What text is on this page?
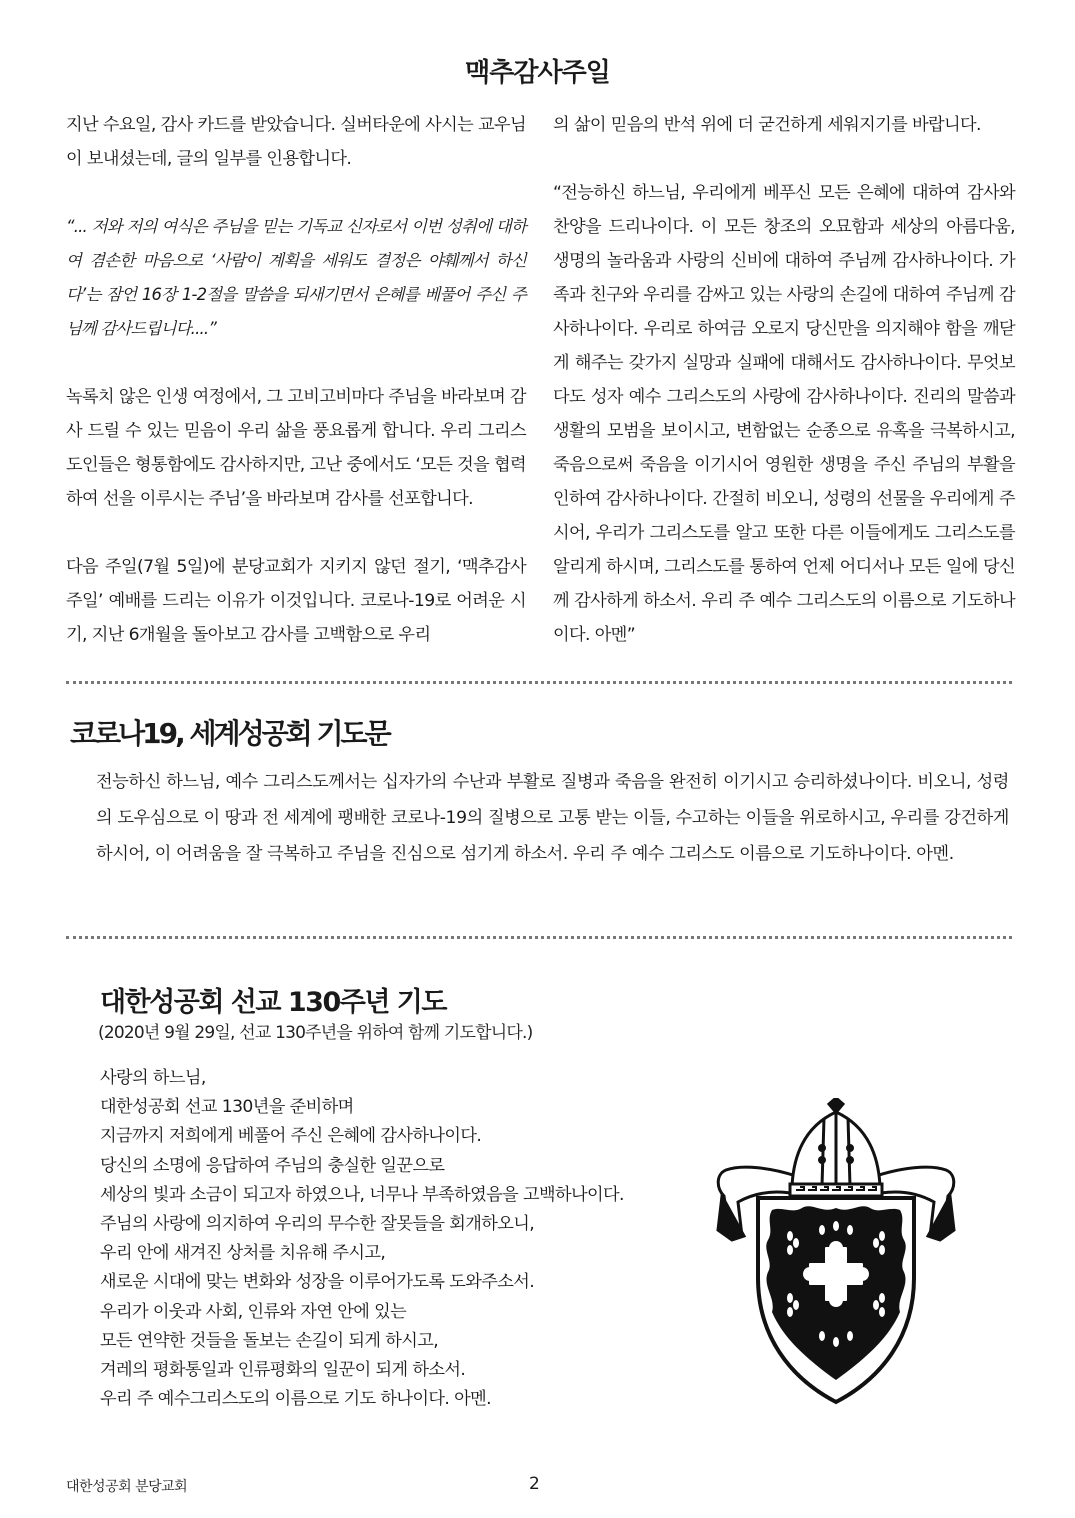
맥추감사주일

지난 수요일, 감사 카드를 받았습니다. 실버타운에 사시는 교우님이 보내셨는데, 글의 일부를 인용합니다.

“... 저와 저의 여식은 주님을 믿는 기독교 신자로서 이번 성취에 대하여 겸손한 마음으로 ‘사람이 계획을 세워도 결정은 야훼께서 하신다’는 잠언 16장 1-2절을 말씀을 되새기면서 은혜를 베풀어 주신 주님께 감사드립니다....”

녹록치 않은 인생 여정에서, 그 고비고비마다 주님을 바라보며 감사 드릴 수 있는 믿음이 우리 삶을 풍요롭게 합니다. 우리 그리스도인들은 형통함에도 감사하지만, 고난 중에서도 ‘모든 것을 협력하여 선을 이루시는 주님’을 바라보며 감사를 선포합니다.

다음 주일(7월 5일)에 분당교회가 지키지 않던 절기, ‘맥추감사주일’ 예배를 드리는 이유가 이것입니다. 코로나-19로 어려운 시기, 지난 6개월을 돌아보고 감사를 고백함으로 우리

의 삶이 믿음의 반석 위에 더 굳건하게 세워지기를 바랍니다.

“전능하신 하느님, 우리에게 베푸신 모든 은혜에 대하여 감사와 찬양을 드리나이다. 이 모든 창조의 오묘함과 세상의 아름다움, 생명의 놀라움과 사랑의 신비에 대하여 주님께 감사하나이다. 가족과 친구와 우리를 감싸고 있는 사랑의 손길에 대하여 주님께 감사하나이다. 우리로 하여금 오로지 당신만을 의지해야 함을 깨닫게 해주는 갖가지 실망과 실패에 대해서도 감사하나이다. 무엇보다도 성자 예수 그리스도의 사랑에 감사하나이다. 진리의 말씀과 생활의 모범을 보이시고, 변함없는 순종으로 유혹을 극복하시고, 죽음으로써 죽음을 이기시어 영원한 생명을 주신 주님의 부활을 인하여 감사하나이다. 간절히 비오니, 성령의 선물을 우리에게 주시어, 우리가 그리스도를 알고 또한 다른 이들에게도 그리스도를 알리게 하시며, 그리스도를 통하여 언제 어디서나 모든 일에 당신께 감사하게 하소서. 우리 주 예수 그리스도의 이름으로 기도하나이다. 아멘”

코로나19, 세계성공회 기도문
전능하신 하느님, 예수 그리스도께서는 십자가의 수난과 부활로 질병과 죽음을 완전히 이기시고 승리하셨나이다. 비오니, 성령의 도우심으로 이 땅과 전 세계에 팽배한 코로나-19의 질병으로 고통 받는 이들, 수고하는 이들을 위로하시고, 우리를 강건하게 하시어, 이 어려움을 잘 극복하고 주님을 진심으로 섬기게 하소서. 우리 주 예수 그리스도 이름으로 기도하나이다. 아멘.
대한성공회 선교 130주년 기도
(2020년 9월 29일, 선교 130주년을 위하여 함께 기도합니다.)
사랑의 하느님,
대한성공회 선교 130년을 준비하며
지금까지 저희에게 베풀어 주신 은혜에 감사하나이다.
당신의 소명에 응답하여 주님의 충실한 일꾼으로
세상의 빛과 소금이 되고자 하였으나, 너무나 부족하였음을 고백하나이다.
주님의 사랑에 의지하여 우리의 무수한 잘못들을 회개하오니,
우리 안에 새겨진 상처를 치유해 주시고,
새로운 시대에 맞는 변화와 성장을 이루어가도록 도와주소서.
우리가 이웃과 사회, 인류와 자연 안에 있는
모든 연약한 것들을 돌보는 손길이 되게 하시고,
겨레의 평화통일과 인류평화의 일꾼이 되게 하소서.
우리 주 예수그리스도의 이름으로 기도 하나이다. 아멘.
대한성공회 분당교회	2
